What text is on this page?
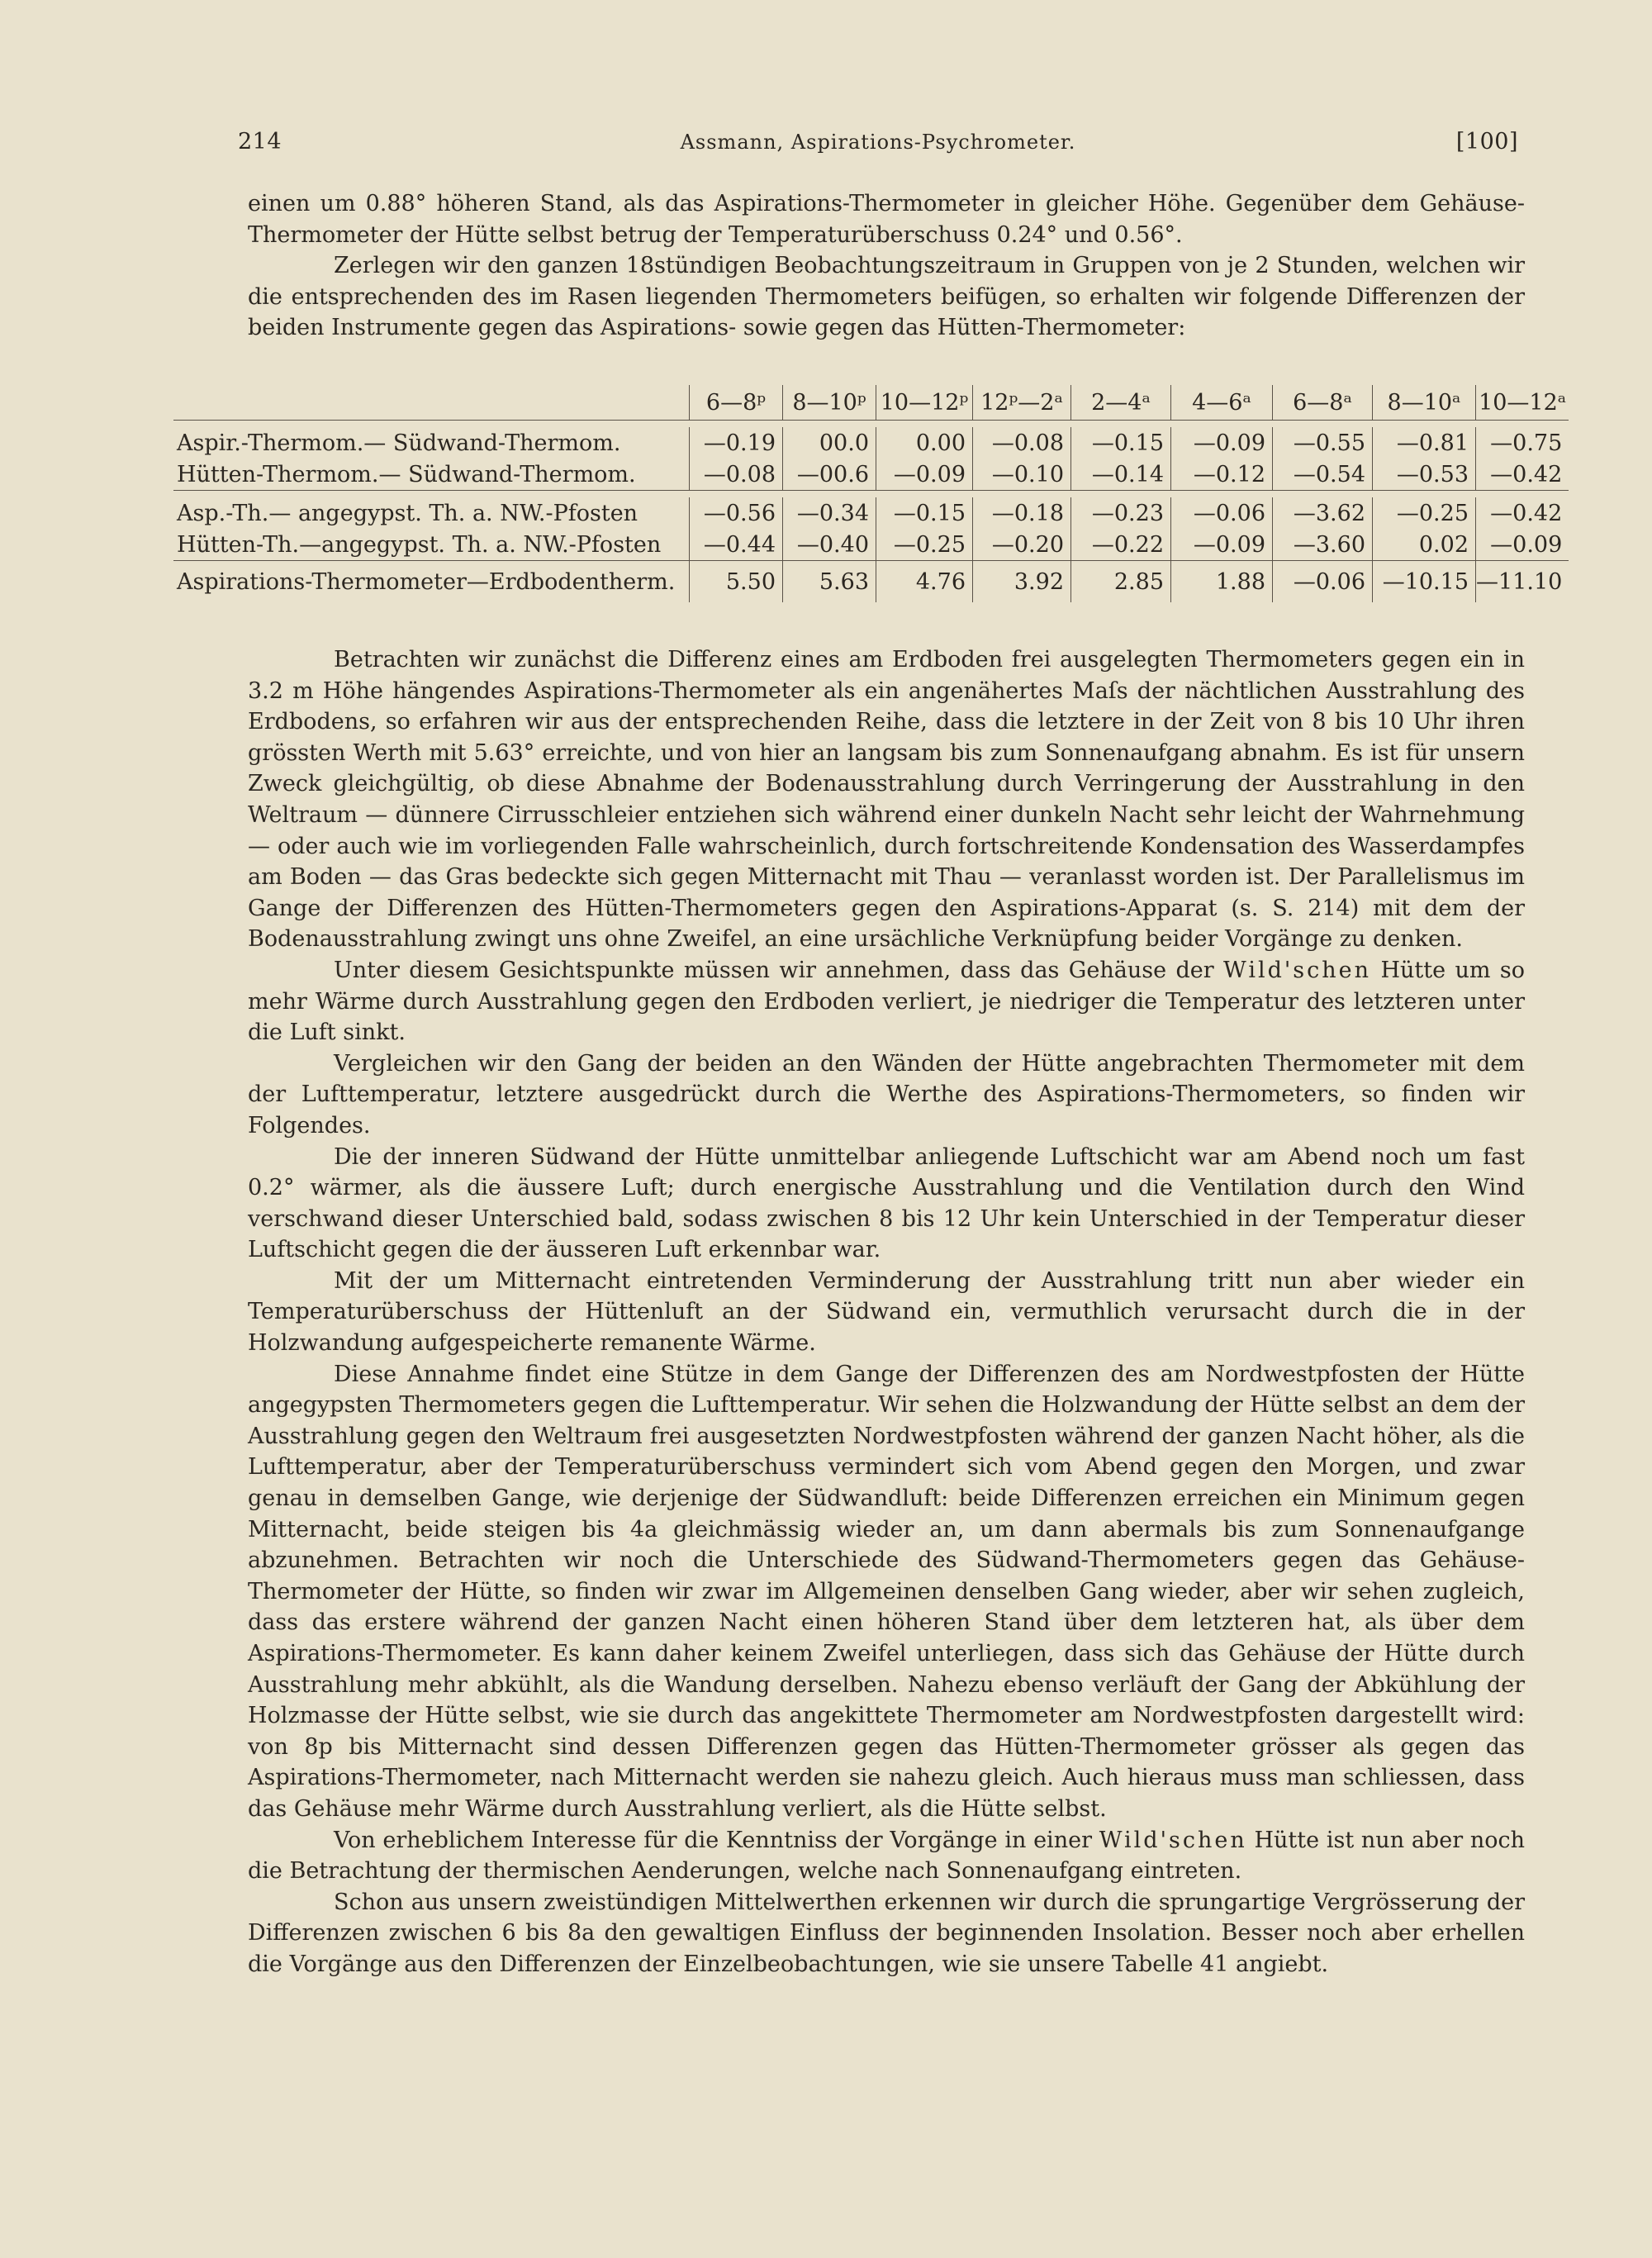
214	Assmann, Aspirations-Psychrometer.	[100]

einen um 0.88° höheren Stand, als das Aspirations-Thermometer in gleicher Höhe. Gegenüber dem Gehäuse-Thermometer der Hütte selbst betrug der Temperaturüberschuss 0.24° und 0.56°.

Zerlegen wir den ganzen 18stündigen Beobachtungszeitraum in Gruppen von je 2 Stunden, welchen wir die entsprechenden des im Rasen liegenden Thermometers beifügen, so erhalten wir folgende Differenzen der beiden Instrumente gegen das Aspirations- sowie gegen das Hütten-Thermometer:

	6—8ᵖ	8—10ᵖ	10—12ᵖ	12ᵖ—2ᵃ	2—4ᵃ	4—6ᵃ	6—8ᵃ	8—10ᵃ	10—12ᵃ

Aspir.-Thermom.— Südwand-Thermom.	—0.19	00.0	0.00	—0.08	—0.15	—0.09	—0.55	—0.81	—0.75
Hütten-Thermom.— Südwand-Thermom.	—0.08	—00.6	—0.09	—0.10	—0.14	—0.12	—0.54	—0.53	—0.42

Asp.-Th.— angegypst. Th. a. NW.-Pfosten	—0.56	—0.34	—0.15	—0.18	—0.23	—0.06	—3.62	—0.25	—0.42
Hütten-Th.—angegypst. Th. a. NW.-Pfosten	—0.44	—0.40	—0.25	—0.20	—0.22	—0.09	—3.60	0.02	—0.09
Aspirations-Thermometer—Erdbodentherm.	5.50	5.63	4.76	3.92	2.85	1.88	—0.06	—10.15	—11.10

Betrachten wir zunächst die Differenz eines am Erdboden frei ausgelegten Thermometers gegen ein in 3.2 m Höhe hängendes Aspirations-Thermometer als ein angenähertes Maſs der nächtlichen Ausstrahlung des Erdbodens, so erfahren wir aus der entsprechenden Reihe, dass die letztere in der Zeit von 8 bis 10 Uhr ihren grössten Werth mit 5.63° erreichte, und von hier an langsam bis zum Sonnenaufgang abnahm. Es ist für unsern Zweck gleichgültig, ob diese Abnahme der Bodenausstrahlung durch Verringerung der Ausstrahlung in den Weltraum — dünnere Cirrusschleier entziehen sich während einer dunkeln Nacht sehr leicht der Wahrnehmung — oder auch wie im vorliegenden Falle wahrscheinlich, durch fortschreitende Kondensation des Wasserdampfes am Boden — das Gras bedeckte sich gegen Mitternacht mit Thau — veranlasst worden ist. Der Parallelismus im Gange der Differenzen des Hütten-Thermometers gegen den Aspirations-Apparat (s. S. 214) mit dem der Bodenausstrahlung zwingt uns ohne Zweifel, an eine ursächliche Verknüpfung beider Vorgänge zu denken.

Unter diesem Gesichtspunkte müssen wir annehmen, dass das Gehäuse der Wild'schen Hütte um so mehr Wärme durch Ausstrahlung gegen den Erdboden verliert, je niedriger die Temperatur des letzteren unter die Luft sinkt.

Vergleichen wir den Gang der beiden an den Wänden der Hütte angebrachten Thermometer mit dem der Lufttemperatur, letztere ausgedrückt durch die Werthe des Aspirations-Thermometers, so finden wir Folgendes.

Die der inneren Südwand der Hütte unmittelbar anliegende Luftschicht war am Abend noch um fast 0.2° wärmer, als die äussere Luft; durch energische Ausstrahlung und die Ventilation durch den Wind verschwand dieser Unterschied bald, sodass zwischen 8 bis 12 Uhr kein Unterschied in der Temperatur dieser Luftschicht gegen die der äusseren Luft erkennbar war.

Mit der um Mitternacht eintretenden Verminderung der Ausstrahlung tritt nun aber wieder ein Temperaturüberschuss der Hüttenluft an der Südwand ein, vermuthlich verursacht durch die in der Holzwandung aufgespeicherte remanente Wärme.

Diese Annahme findet eine Stütze in dem Gange der Differenzen des am Nordwestpfosten der Hütte angegypsten Thermometers gegen die Lufttemperatur. Wir sehen die Holzwandung der Hütte selbst an dem der Ausstrahlung gegen den Weltraum frei ausgesetzten Nordwestpfosten während der ganzen Nacht höher, als die Lufttemperatur, aber der Temperaturüberschuss vermindert sich vom Abend gegen den Morgen, und zwar genau in demselben Gange, wie derjenige der Südwandluft: beide Differenzen erreichen ein Minimum gegen Mitternacht, beide steigen bis 4a gleichmässig wieder an, um dann abermals bis zum Sonnenaufgange abzunehmen. Betrachten wir noch die Unterschiede des Südwand-Thermometers gegen das Gehäuse-Thermometer der Hütte, so finden wir zwar im Allgemeinen denselben Gang wieder, aber wir sehen zugleich, dass das erstere während der ganzen Nacht einen höheren Stand über dem letzteren hat, als über dem Aspirations-Thermometer. Es kann daher keinem Zweifel unterliegen, dass sich das Gehäuse der Hütte durch Ausstrahlung mehr abkühlt, als die Wandung derselben. Nahezu ebenso verläuft der Gang der Abkühlung der Holzmasse der Hütte selbst, wie sie durch das angekittete Thermometer am Nordwestpfosten dargestellt wird: von 8p bis Mitternacht sind dessen Differenzen gegen das Hütten-Thermometer grösser als gegen das Aspirations-Thermometer, nach Mitternacht werden sie nahezu gleich. Auch hieraus muss man schliessen, dass das Gehäuse mehr Wärme durch Ausstrahlung verliert, als die Hütte selbst.

Von erheblichem Interesse für die Kenntniss der Vorgänge in einer Wild'schen Hütte ist nun aber noch die Betrachtung der thermischen Aenderungen, welche nach Sonnenaufgang eintreten.

Schon aus unsern zweistündigen Mittelwerthen erkennen wir durch die sprungartige Vergrösserung der Differenzen zwischen 6 bis 8a den gewaltigen Einfluss der beginnenden Insolation. Besser noch aber erhellen die Vorgänge aus den Differenzen der Einzelbeobachtungen, wie sie unsere Tabelle 41 angiebt.
